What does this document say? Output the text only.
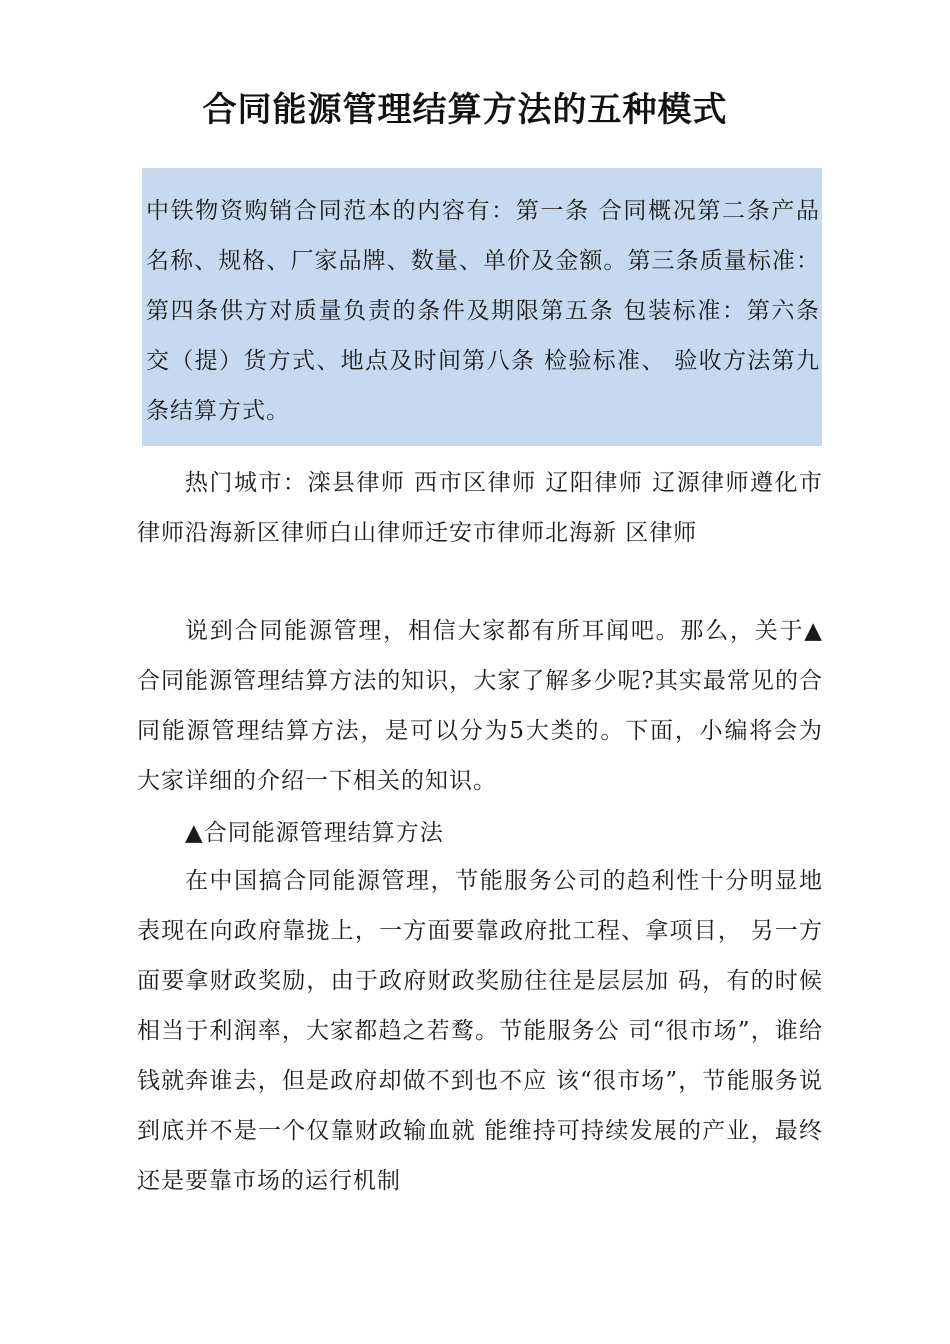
合同能源管理结算方法的五种模式

中铁物资购销合同范本的内容有：第一条 合同概况第二条产品名称、规格、厂家品牌、数量、单价及金额。第三条质量标准：第四条供方对质量负责的条件及期限第五条 包装标准：第六条 交（提）货方式、地点及时间第八条 检验标准、 验收方法第九条结算方式。

热门城市：滦县律师 西市区律师 辽阳律师 辽源律师遵化市律师沿海新区律师白山律师迁安市律师北海新 区律师

说到合同能源管理，相信大家都有所耳闻吧。那么，关于▲合同能源管理结算方法的知识，大家了解多少呢?其实最常见的合同能源管理结算方法，是可以分为5大类的。下面，小编将会为大家详细的介绍一下相关的知识。

▲合同能源管理结算方法

在中国搞合同能源管理，节能服务公司的趋利性十分明显地表现在向政府靠拢上，一方面要靠政府批工程、拿项目， 另一方面要拿财政奖励，由于政府财政奖励往往是层层加 码，有的时候相当于利润率，大家都趋之若鹜。节能服务公 司“很市场”，谁给钱就奔谁去，但是政府却做不到也不应 该“很市场”，节能服务说到底并不是一个仅靠财政输血就 能维持可持续发展的产业，最终还是要靠市场的运行机制
